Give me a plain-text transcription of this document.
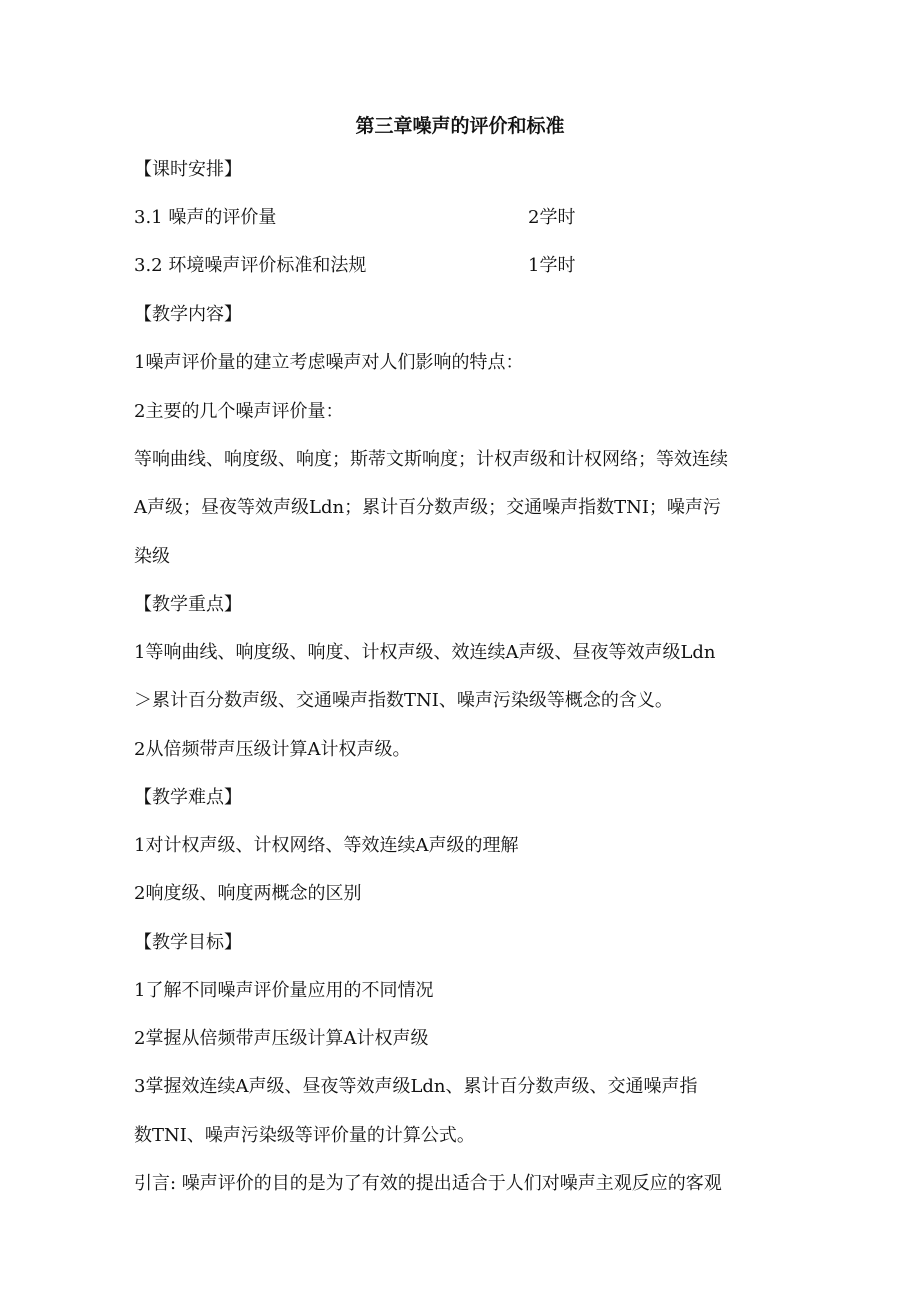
第三章噪声的评价和标准
【课时安排】
3.1 噪声的评价量	2学时
3.2 环境噪声评价标准和法规	1学时
【教学内容】
1噪声评价量的建立考虑噪声对人们影响的特点：
2主要的几个噪声评价量：
等响曲线、响度级、响度；斯蒂文斯响度；计权声级和计权网络；等效连续
A声级；昼夜等效声级Ldn；累计百分数声级；交通噪声指数TNI；噪声污
染级
【教学重点】
1等响曲线、响度级、响度、计权声级、效连续A声级、昼夜等效声级Ldn
＞累计百分数声级、交通噪声指数TNI、噪声污染级等概念的含义。
2从倍频带声压级计算A计权声级。
【教学难点】
1对计权声级、计权网络、等效连续A声级的理解
2响度级、响度两概念的区别
【教学目标】
1了解不同噪声评价量应用的不同情况
2掌握从倍频带声压级计算A计权声级
3掌握效连续A声级、昼夜等效声级Ldn、累计百分数声级、交通噪声指
数TNI、噪声污染级等评价量的计算公式。
引言: 噪声评价的目的是为了有效的提出适合于人们对噪声主观反应的客观
